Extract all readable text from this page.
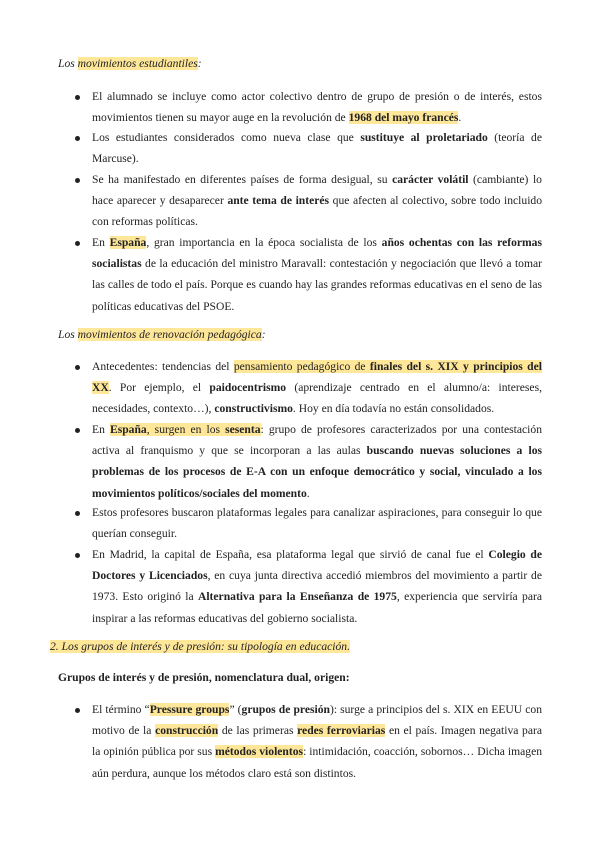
Los movimientos estudiantiles:
El alumnado se incluye como actor colectivo dentro de grupo de presión o de interés, estos movimientos tienen su mayor auge en la revolución de 1968 del mayo francés.
Los estudiantes considerados como nueva clase que sustituye al proletariado (teoría de Marcuse).
Se ha manifestado en diferentes países de forma desigual, su carácter volátil (cambiante) lo hace aparecer y desaparecer ante tema de interés que afecten al colectivo, sobre todo incluido con reformas políticas.
En España, gran importancia en la época socialista de los años ochentas con las reformas socialistas de la educación del ministro Maravall: contestación y negociación que llevó a tomar las calles de todo el país. Porque es cuando hay las grandes reformas educativas en el seno de las políticas educativas del PSOE.
Los movimientos de renovación pedagógica:
Antecedentes: tendencias del pensamiento pedagógico de finales del s. XIX y principios del XX. Por ejemplo, el paidocentrismo (aprendizaje centrado en el alumno/a: intereses, necesidades, contexto…), constructivismo. Hoy en día todavía no están consolidados.
En España, surgen en los sesenta: grupo de profesores caracterizados por una contestación activa al franquismo y que se incorporan a las aulas buscando nuevas soluciones a los problemas de los procesos de E-A con un enfoque democrático y social, vinculado a los movimientos políticos/sociales del momento.
Estos profesores buscaron plataformas legales para canalizar aspiraciones, para conseguir lo que querían conseguir.
En Madrid, la capital de España, esa plataforma legal que sirvió de canal fue el Colegio de Doctores y Licenciados, en cuya junta directiva accedió miembros del movimiento a partir de 1973. Esto originó la Alternativa para la Enseñanza de 1975, experiencia que serviría para inspirar a las reformas educativas del gobierno socialista.
2. Los grupos de interés y de presión: su tipología en educación.
Grupos de interés y de presión, nomenclatura dual, origen:
El término “Pressure groups” (grupos de presión): surge a principios del s. XIX en EEUU con motivo de la construcción de las primeras redes ferroviarias en el país. Imagen negativa para la opinión pública por sus métodos violentos: intimidación, coacción, sobornos… Dicha imagen aún perdura, aunque los métodos claro está son distintos.
